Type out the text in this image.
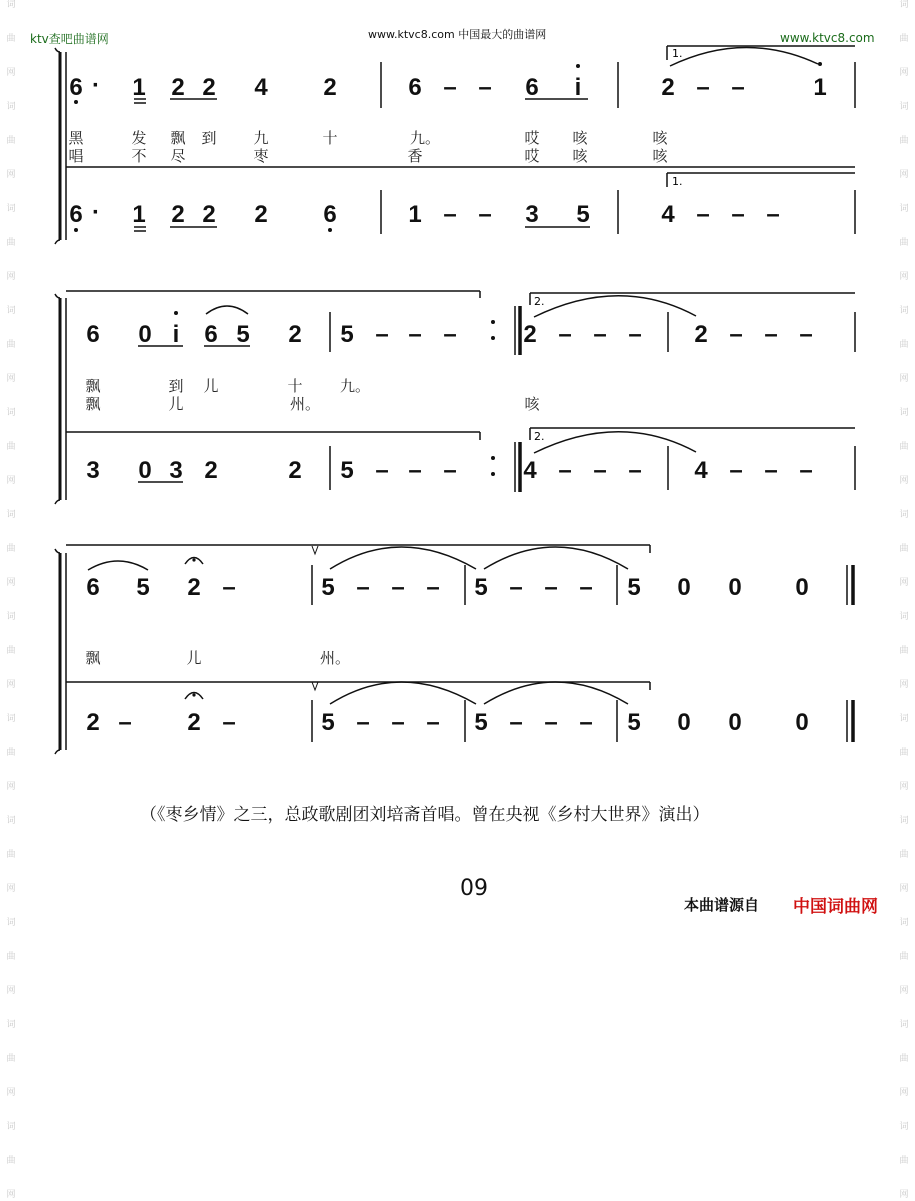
词
曲
网
词
曲
网
词
曲
网
词
曲
网
词
曲
网
词
曲
网
词
曲
网
词
曲
网
词
曲
网
词
曲
网
词
曲
网
词
曲
网
词
曲
网
词
曲
网
词
曲
网
词
曲
网
词
曲
网
词
曲
网
词
曲
网
词
曲
网
词
曲
网
词
曲
网
词
曲
网
词
曲
网
ktv查吧曲谱网	www.ktvc8.com 中国最大的曲谱网	www.ktvc8.com
1.
1.
2.
2.
6 · 1 2 2 4 2	6 – – 6 i	2 – –	1
6 · 1 2 2 2 6	1 – – 3 5	4 – – –
黑	发 飘 到 九	十	九。	哎 咳	咳
唱	不 尽	枣	香	哎 咳	咳
6 0 i 6 5 2 5 – – –	2 – – – 2 – – –
3 0 3 2	2 5 – – –	4 – – – 4 – – –
飘	到 儿	十 九。
飘	儿	州。	咳
6 5 2 –	5 – – – 5 – – – 5 0 0 0
2 – 2 –	5 – – – 5 – – – 5 0 0 0
飘	儿	州。
（《枣乡情》之三，总政歌剧团刘培斋首唱。曾在央视《乡村大世界》演出）
09
本曲谱源自 中国词曲网
